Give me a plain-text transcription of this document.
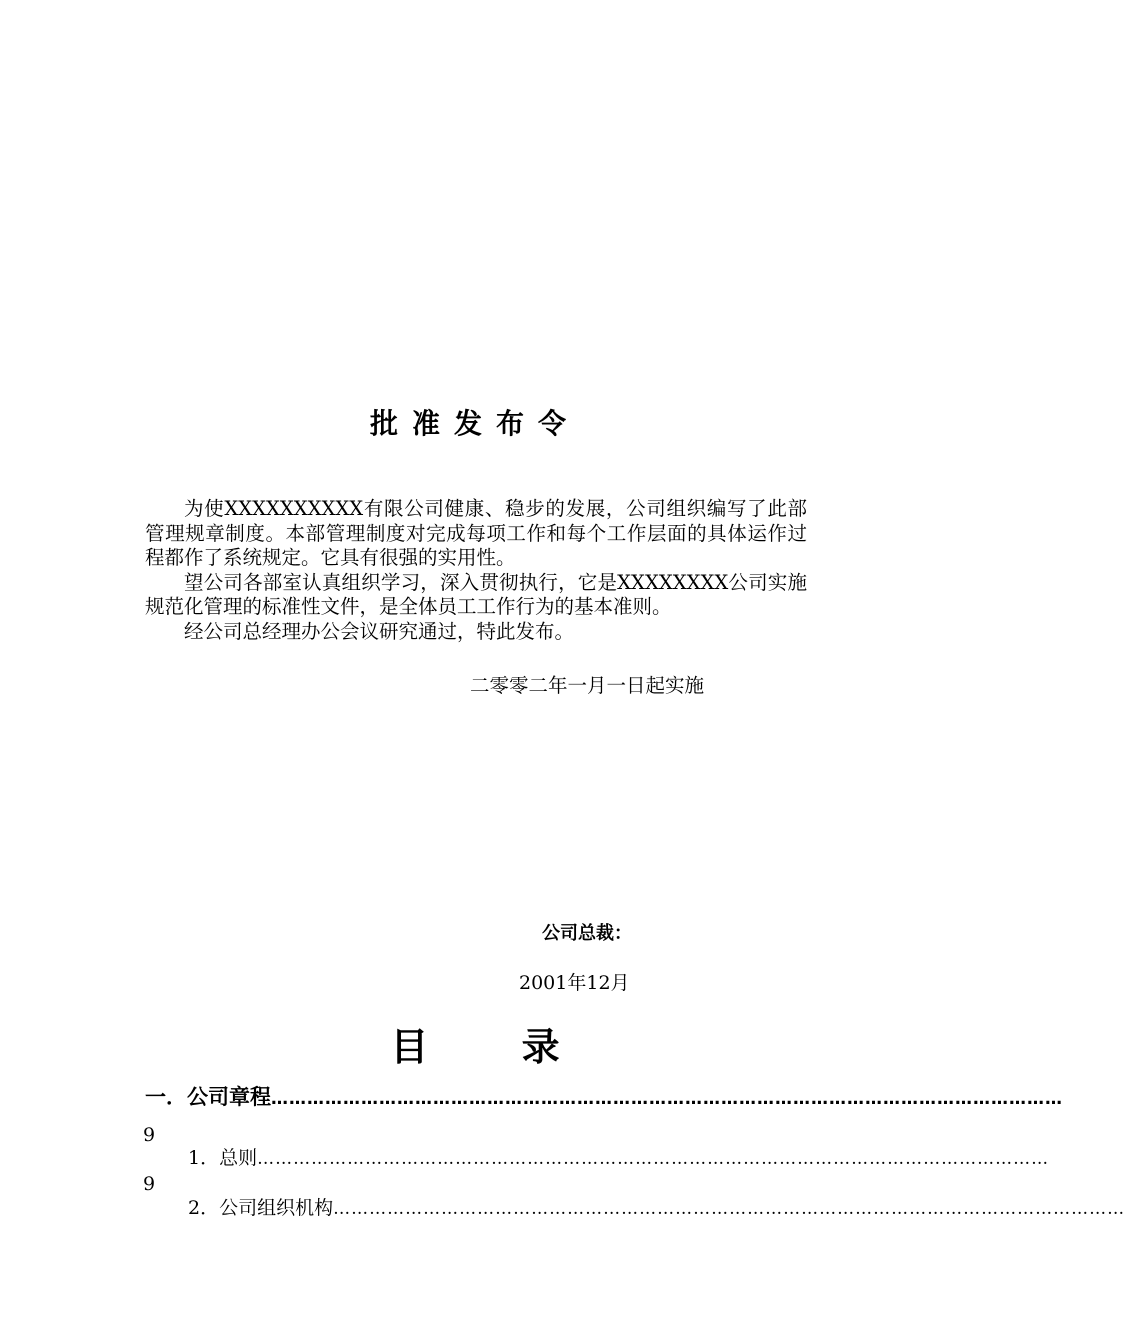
批准发布令

为使XXXXXXXXXX有限公司健康、稳步的发展，公司组织编写了此部管理规章制度。本部管理制度对完成每项工作和每个工作层面的具体运作过程都作了系统规定。它具有很强的实用性。

望公司各部室认真组织学习，深入贯彻执行，它是XXXXXXXX公司实施规范化管理的标准性文件，是全体员工工作行为的基本准则。

经公司总经理办公会议研究通过，特此发布。

二零零二年一月一日起实施
公司总裁：
2001年12月
目 录
一．公司章程 ……………………………………………………………………………………………………………………
9
1．总则 ……………………………………………………………………………………………………………………
9
2．公司组织机构 ……………………………………………………………………………………………………………………
